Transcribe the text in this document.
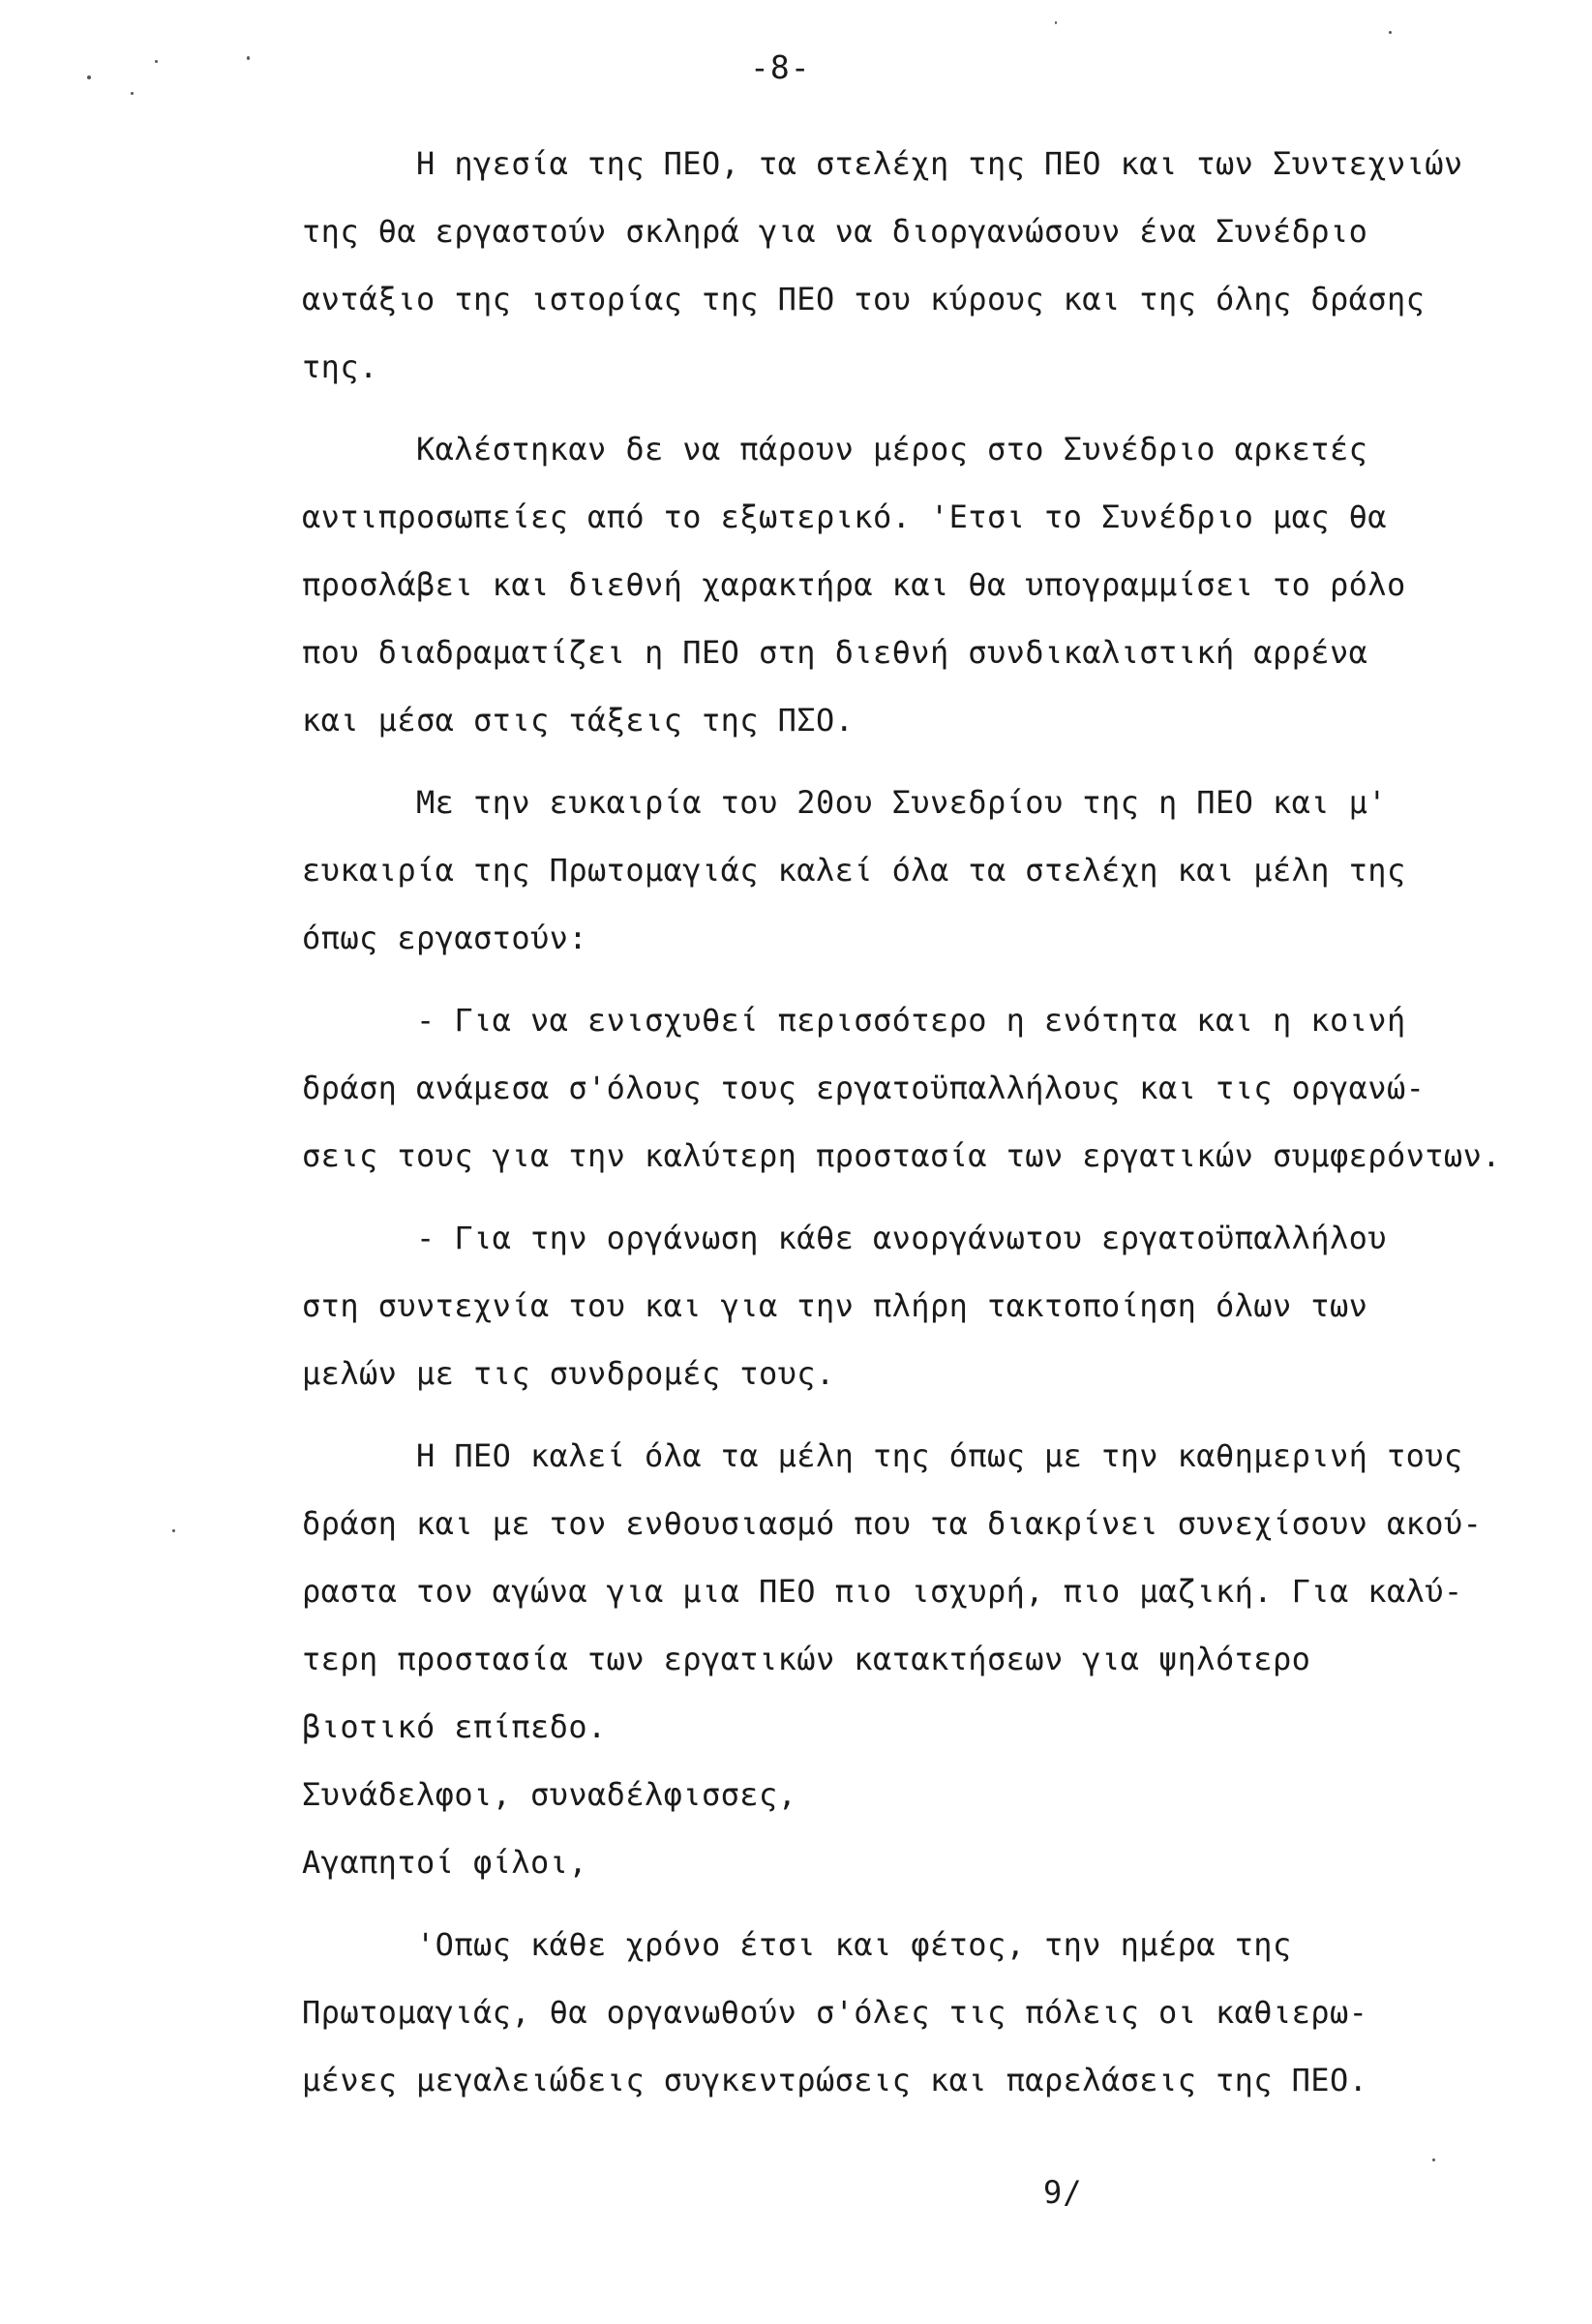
-8-
Η ηγεσία της ΠΕΟ, τα στελέχη της ΠΕΟ και των Συντεχνιών
της θα εργαστούν σκληρά για να διοργανώσουν ένα Συνέδριο
αντάξιο της ιστορίας της ΠΕΟ του κύρους και της όλης δράσης
της.
Καλέστηκαν δε να πάρουν μέρος στο Συνέδριο αρκετές
αντιπροσωπείες από το εξωτερικό. 'Ετσι το Συνέδριο μας θα
προσλάβει και διεθνή χαρακτήρα και θα υπογραμμίσει το ρόλο
που διαδραματίζει η ΠΕΟ στη διεθνή συνδικαλιστική αρρένα
και μέσα στις τάξεις της ΠΣΟ.
Με την ευκαιρία του 20ου Συνεδρίου της η ΠΕΟ και μ'
ευκαιρία της Πρωτομαγιάς καλεί όλα τα στελέχη και μέλη της
όπως εργαστούν:
- Για να ενισχυθεί περισσότερο η ενότητα και η κοινή
δράση ανάμεσα σ'όλους τους εργατοϋπαλλήλους και τις οργανώ-
σεις τους για την καλύτερη προστασία των εργατικών συμφερόντων.
- Για την οργάνωση κάθε ανοργάνωτου εργατοϋπαλλήλου
στη συντεχνία του και για την πλήρη τακτοποίηση όλων των
μελών με τις συνδρομές τους.
Η ΠΕΟ καλεί όλα τα μέλη της όπως με την καθημερινή τους
δράση και με τον ενθουσιασμό που τα διακρίνει συνεχίσουν ακού-
ραστα τον αγώνα για μια ΠΕΟ πιο ισχυρή, πιο μαζική. Για καλύ-
τερη προστασία των εργατικών κατακτήσεων για ψηλότερο
βιοτικό επίπεδο.
Συνάδελφοι, συναδέλφισσες,
Αγαπητοί φίλοι,
'Οπως κάθε χρόνο έτσι και φέτος, την ημέρα της
Πρωτομαγιάς, θα οργανωθούν σ'όλες τις πόλεις οι καθιερω-
μένες μεγαλειώδεις συγκεντρώσεις και παρελάσεις της ΠΕΟ.
9/
